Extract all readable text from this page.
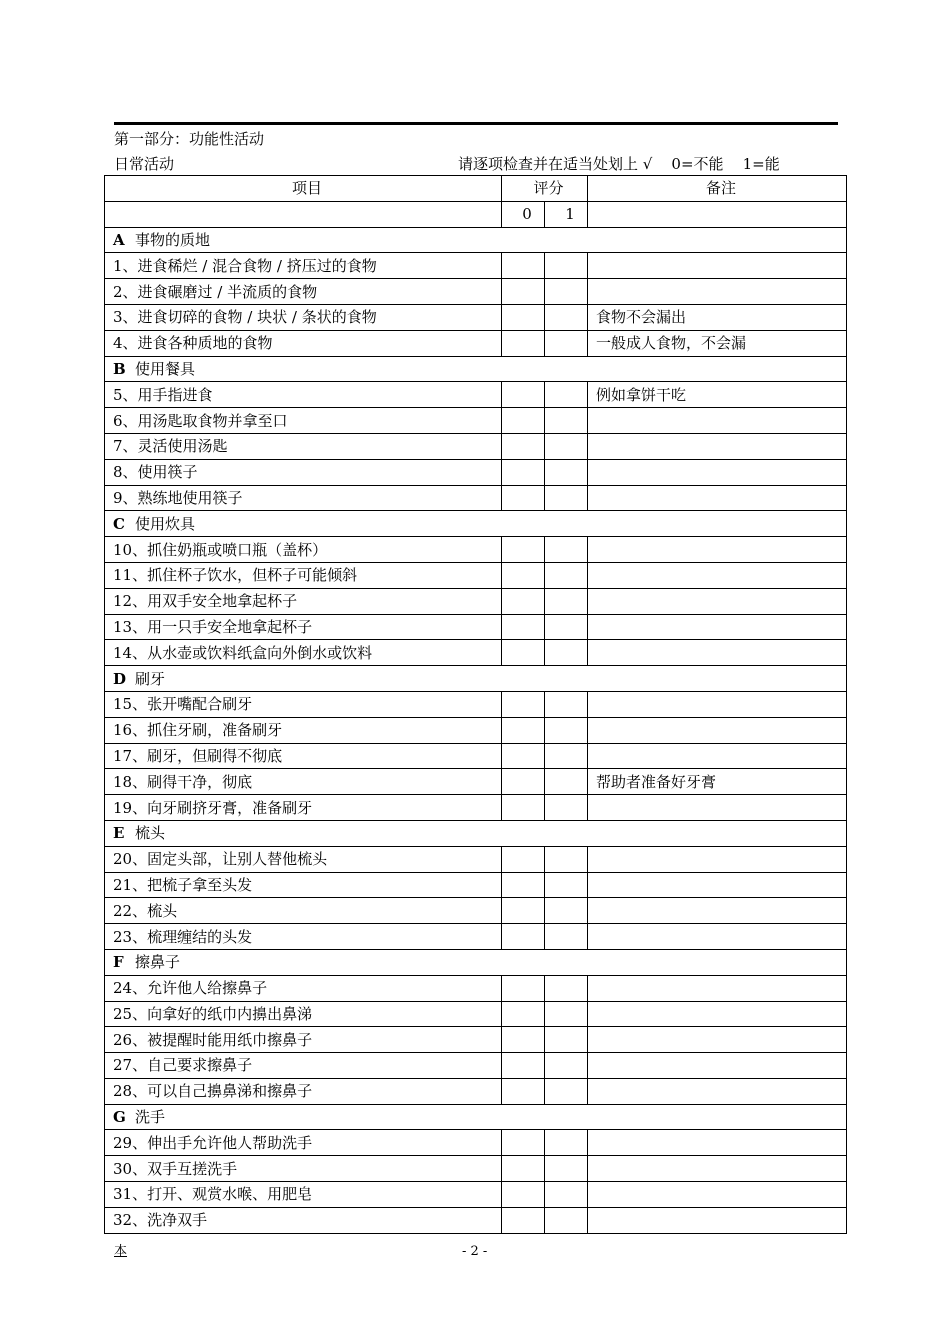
第一部分：功能性活动
日常活动	请逐项检查并在适当处划上 √    0=不能    1=能
项目	评分		备注
	0	1	
A 事物的质地			
1、进食稀烂 / 混合食物 / 挤压过的食物			
2、进食碾磨过 / 半流质的食物			
3、进食切碎的食物 / 块状 / 条状的食物			食物不会漏出
4、进食各种质地的食物			一般成人食物，不会漏
B 使用餐具			
5、用手指进食			例如拿饼干吃
6、用汤匙取食物并拿至口			
7、灵活使用汤匙			
8、使用筷子			
9、熟练地使用筷子			
C 使用炊具			
10、抓住奶瓶或喷口瓶（盖杯）			
11、抓住杯子饮水，但杯子可能倾斜			
12、用双手安全地拿起杯子			
13、用一只手安全地拿起杯子			
14、从水壶或饮料纸盒向外倒水或饮料			
D 刷牙			
15、张开嘴配合刷牙			
16、抓住牙刷，准备刷牙			
17、刷牙，但刷得不彻底			
18、刷得干净，彻底			帮助者准备好牙膏
19、向牙刷挤牙膏，准备刷牙			
E 梳头			
20、固定头部，让别人替他梳头			
21、把梳子拿至头发			
22、梳头			
23、梳理缠结的头发			
F 擦鼻子			
24、允许他人给擦鼻子			
25、向拿好的纸巾内擤出鼻涕			
26、被提醒时能用纸巾擦鼻子			
27、自己要求擦鼻子			
28、可以自己擤鼻涕和擦鼻子			
G 洗手			
29、伸出手允许他人帮助洗手			
30、双手互搓洗手			
31、打开、观赏水喉、用肥皂			
32、洗净双手			
本	- 2 -
